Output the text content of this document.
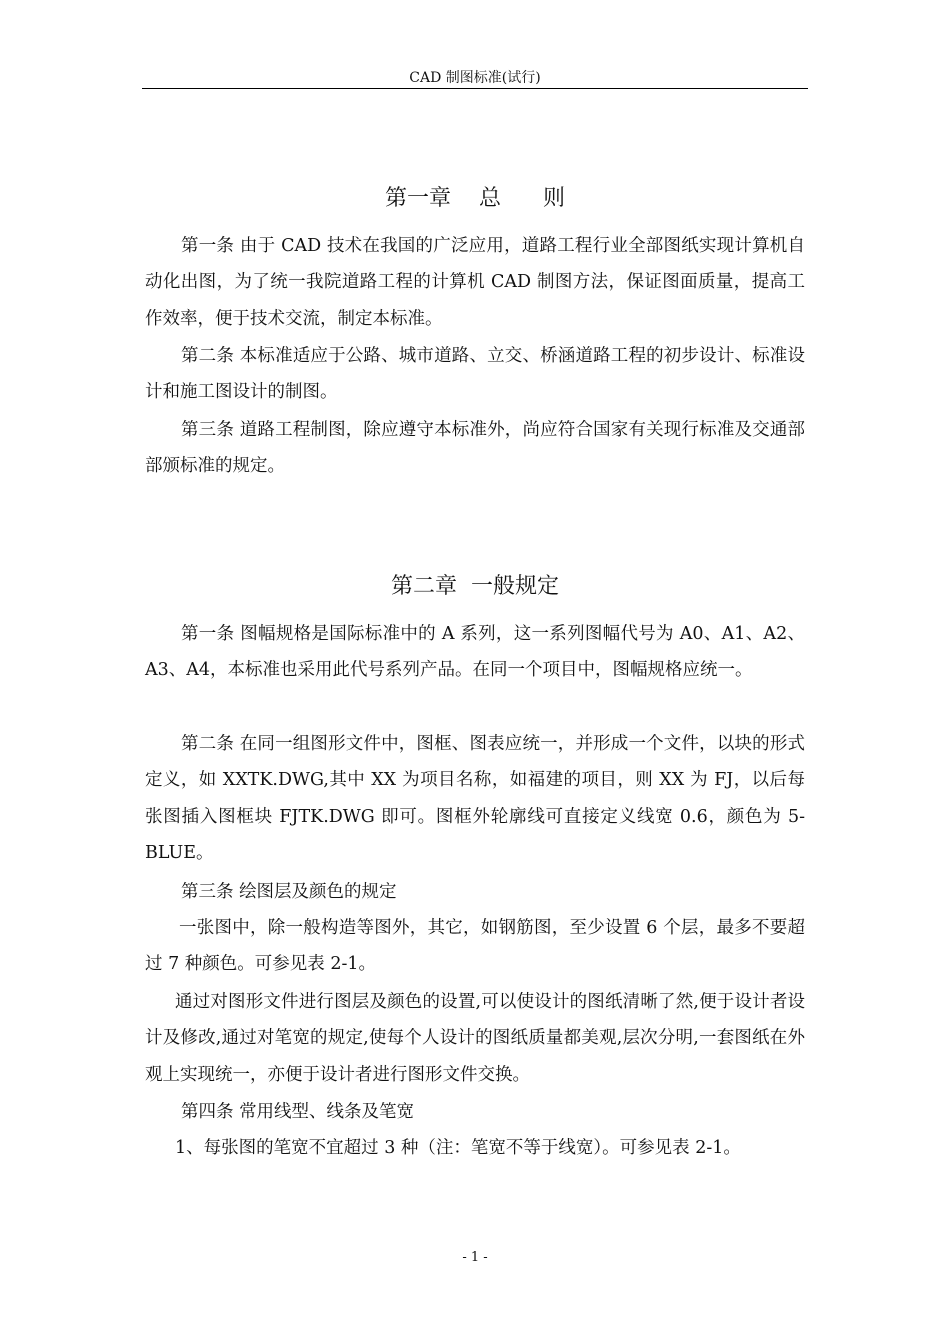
CAD 制图标准(试行)
第一章    总      则

第一条 由于 CAD 技术在我国的广泛应用，道路工程行业全部图纸实现计算机自动化出图，为了统一我院道路工程的计算机 CAD 制图方法，保证图面质量，提高工作效率，便于技术交流，制定本标准。

第二条 本标准适应于公路、城市道路、立交、桥涵道路工程的初步设计、标准设计和施工图设计的制图。

第三条 道路工程制图，除应遵守本标准外，尚应符合国家有关现行标准及交通部部颁标准的规定。

第二章  一般规定

第一条 图幅规格是国际标准中的 A 系列，这一系列图幅代号为 A0、A1、A2、A3、A4，本标准也采用此代号系列产品。在同一个项目中，图幅规格应统一。

第二条 在同一组图形文件中，图框、图表应统一，并形成一个文件，以块的形式定义，如 XXTK.DWG,其中 XX 为项目名称，如福建的项目，则 XX 为 FJ，以后每张图插入图框块 FJTK.DWG 即可。图框外轮廓线可直接定义线宽 0.6，颜色为 5-BLUE。

第三条 绘图层及颜色的规定

一张图中，除一般构造等图外，其它，如钢筋图，至少设置 6 个层，最多不要超过 7 种颜色。可参见表 2-1。

通过对图形文件进行图层及颜色的设置,可以使设计的图纸清晰了然,便于设计者设计及修改,通过对笔宽的规定,使每个人设计的图纸质量都美观,层次分明,一套图纸在外观上实现统一，亦便于设计者进行图形文件交换。

第四条 常用线型、线条及笔宽

1、每张图的笔宽不宜超过 3 种（注：笔宽不等于线宽）。可参见表 2-1。

- 1 -
